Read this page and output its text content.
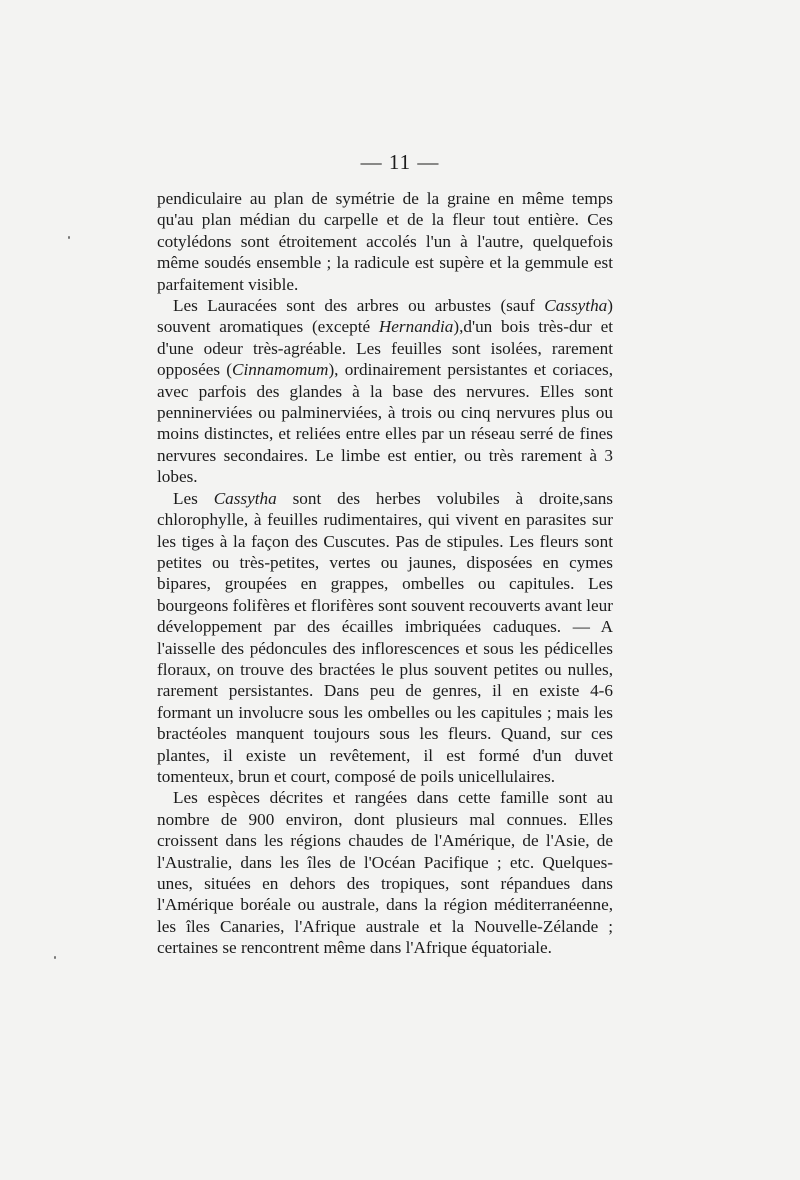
— 11 —

pendiculaire au plan de symétrie de la graine en même temps qu'au plan médian du carpelle et de la fleur tout entière. Ces cotylédons sont étroitement accolés l'un à l'autre, quelquefois même soudés ensemble ; la radicule est supère et la gemmule est parfaitement visible.

Les Lauracées sont des arbres ou arbustes (sauf Cassytha) souvent aromatiques (excepté Hernandia),d'un bois très-dur et d'une odeur très-agréable. Les feuilles sont isolées, rarement opposées (Cinnamomum), ordinairement persistantes et coriaces, avec parfois des glandes à la base des nervures. Elles sont penninerviées ou palminerviées, à trois ou cinq nervures plus ou moins distinctes, et reliées entre elles par un réseau serré de fines nervures secondaires. Le limbe est entier, ou très rarement à 3 lobes.

Les Cassytha sont des herbes volubiles à droite,sans chlorophylle, à feuilles rudimentaires, qui vivent en parasites sur les tiges à la façon des Cuscutes. Pas de stipules. Les fleurs sont petites ou très-petites, vertes ou jaunes, disposées en cymes bipares, groupées en grappes, ombelles ou capitules. Les bourgeons folifères et florifères sont souvent recouverts avant leur développement par des écailles imbriquées caduques. — A l'aisselle des pédoncules des inflorescences et sous les pédicelles floraux, on trouve des bractées le plus souvent petites ou nulles, rarement persistantes. Dans peu de genres, il en existe 4-6 formant un involucre sous les ombelles ou les capitules ; mais les bractéoles manquent toujours sous les fleurs. Quand, sur ces plantes, il existe un revêtement, il est formé d'un duvet tomenteux, brun et court, composé de poils unicellulaires.

Les espèces décrites et rangées dans cette famille sont au nombre de 900 environ, dont plusieurs mal connues. Elles croissent dans les régions chaudes de l'Amérique, de l'Asie, de l'Australie, dans les îles de l'Océan Pacifique ; etc. Quelques-unes, situées en dehors des tropiques, sont répandues dans l'Amérique boréale ou australe, dans la région méditerranéenne, les îles Canaries, l'Afrique australe et la Nouvelle-Zélande ; certaines se rencontrent même dans l'Afrique équatoriale.
